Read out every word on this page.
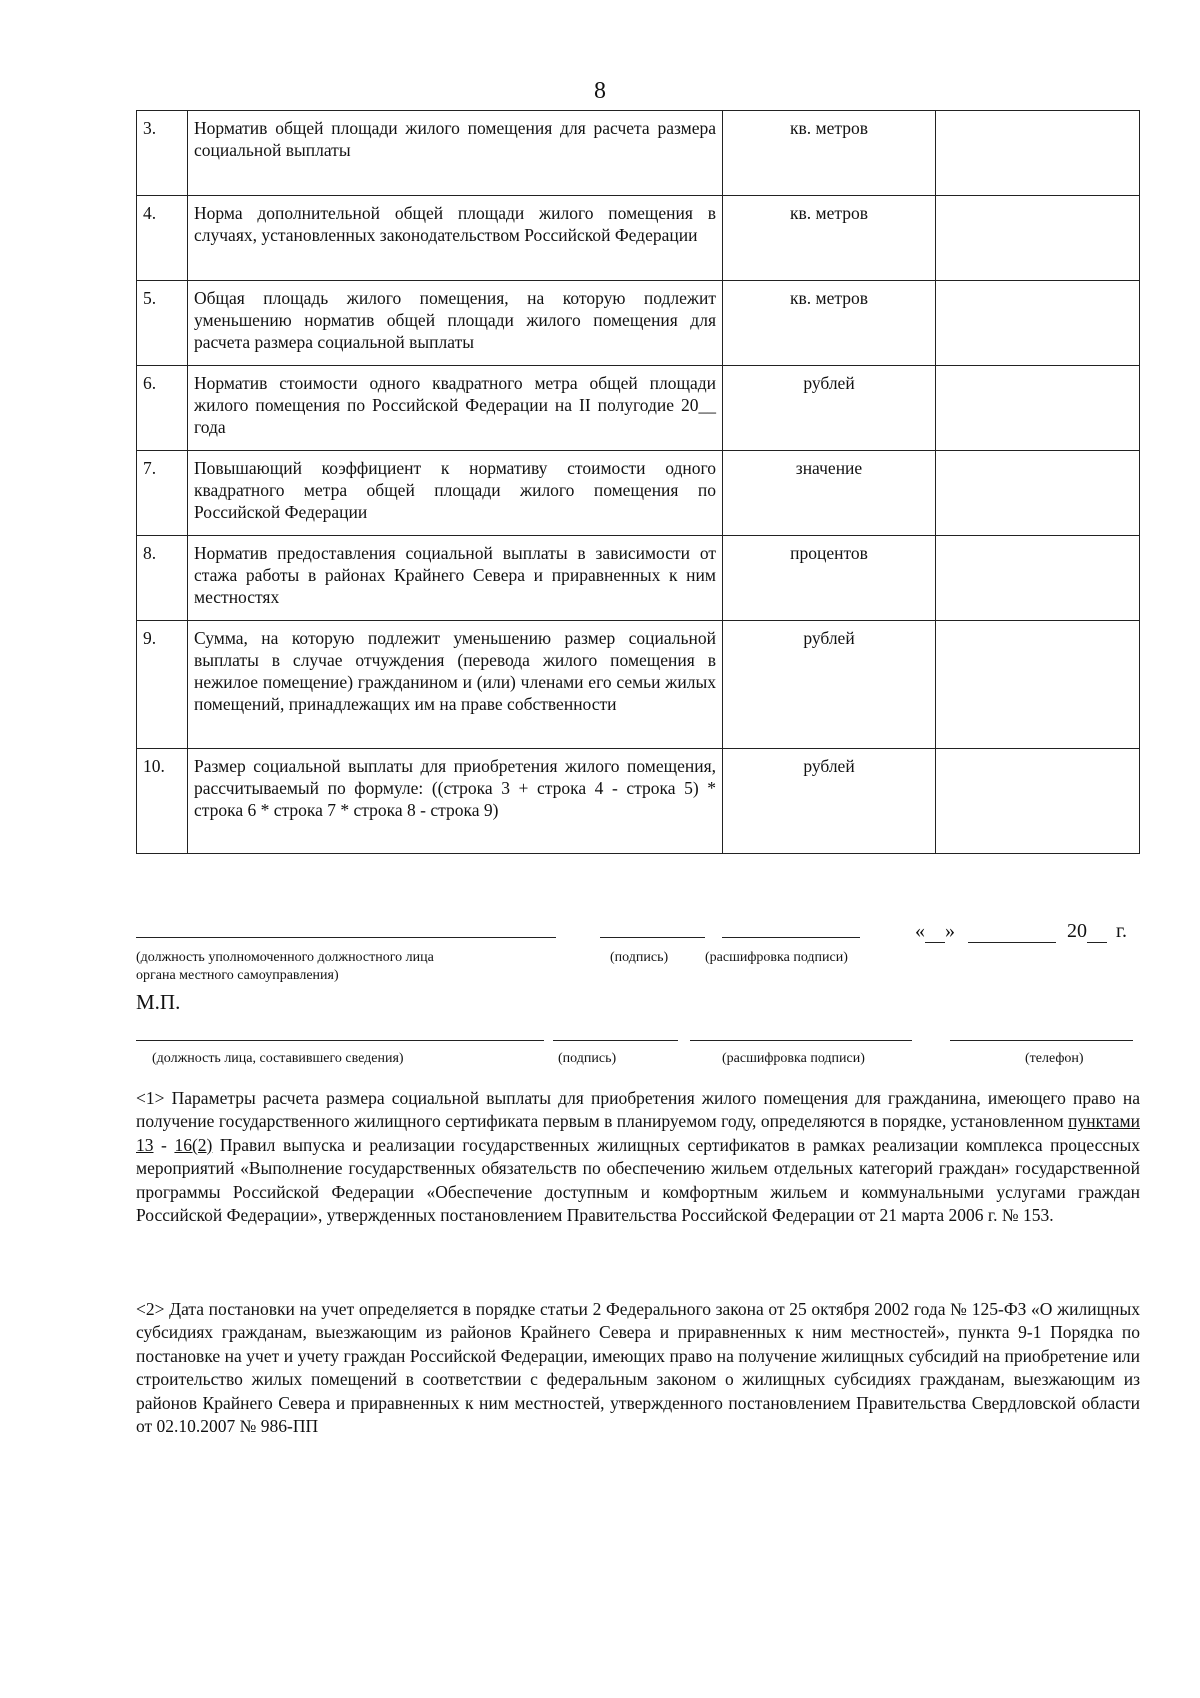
8
3.	Норматив общей площади жилого помещения для расчета размера социальной выплаты	кв. метров	
4.	Норма дополнительной общей площади жилого помещения в случаях, установленных законодательством Российской Федерации	кв. метров	
5.	Общая площадь жилого помещения, на которую подлежит уменьшению норматив общей площади жилого помещения для расчета размера социальной выплаты	кв. метров	
6.	Норматив стоимости одного квадратного метра общей площади жилого помещения по Российской Федерации на II полугодие 20__ года	рублей	
7.	Повышающий коэффициент к нормативу стоимости одного квадратного метра общей площади жилого помещения по Российской Федерации	значение	
8.	Норматив предоставления социальной выплаты в зависимости от стажа работы в районах Крайнего Севера и приравненных к ним местностях	процентов	
9.	Сумма, на которую подлежит уменьшению размер социальной выплаты в случае отчуждения (перевода жилого помещения в нежилое помещение) гражданином и (или) членами его семьи жилых помещений, принадлежащих им на праве собственности	рублей	
10.	Размер социальной выплаты для приобретения жилого помещения, рассчитываемый по формуле: ((строка 3 + строка 4 - строка 5) * строка 6 * строка 7 * строка 8 - строка 9)	рублей	
« »	20 г.
(должность уполномоченного должностного лица органа местного самоуправления)
(подпись)	(расшифровка подписи)
М.П.
(должность лица, составившего сведения)	(подпись)	(расшифровка подписи)	(телефон)
<1> Параметры расчета размера социальной выплаты для приобретения жилого помещения для гражданина, имеющего право на получение государственного жилищного сертификата первым в планируемом году, определяются в порядке, установленном пунктами 13 - 16(2) Правил выпуска и реализации государственных жилищных сертификатов в рамках реализации комплекса процессных мероприятий «Выполнение государственных обязательств по обеспечению жильем отдельных категорий граждан» государственной программы Российской Федерации «Обеспечение доступным и комфортным жильем и коммунальными услугами граждан Российской Федерации», утвержденных постановлением Правительства Российской Федерации от 21 марта 2006 г. № 153.
<2> Дата постановки на учет определяется в порядке статьи 2 Федерального закона от 25 октября 2002 года № 125-ФЗ «О жилищных субсидиях гражданам, выезжающим из районов Крайнего Севера и приравненных к ним местностей», пункта 9-1 Порядка по постановке на учет и учету граждан Российской Федерации, имеющих право на получение жилищных субсидий на приобретение или строительство жилых помещений в соответствии с федеральным законом о жилищных субсидиях гражданам, выезжающим из районов Крайнего Севера и приравненных к ним местностей, утвержденного постановлением Правительства Свердловской области от 02.10.2007 № 986-ПП
